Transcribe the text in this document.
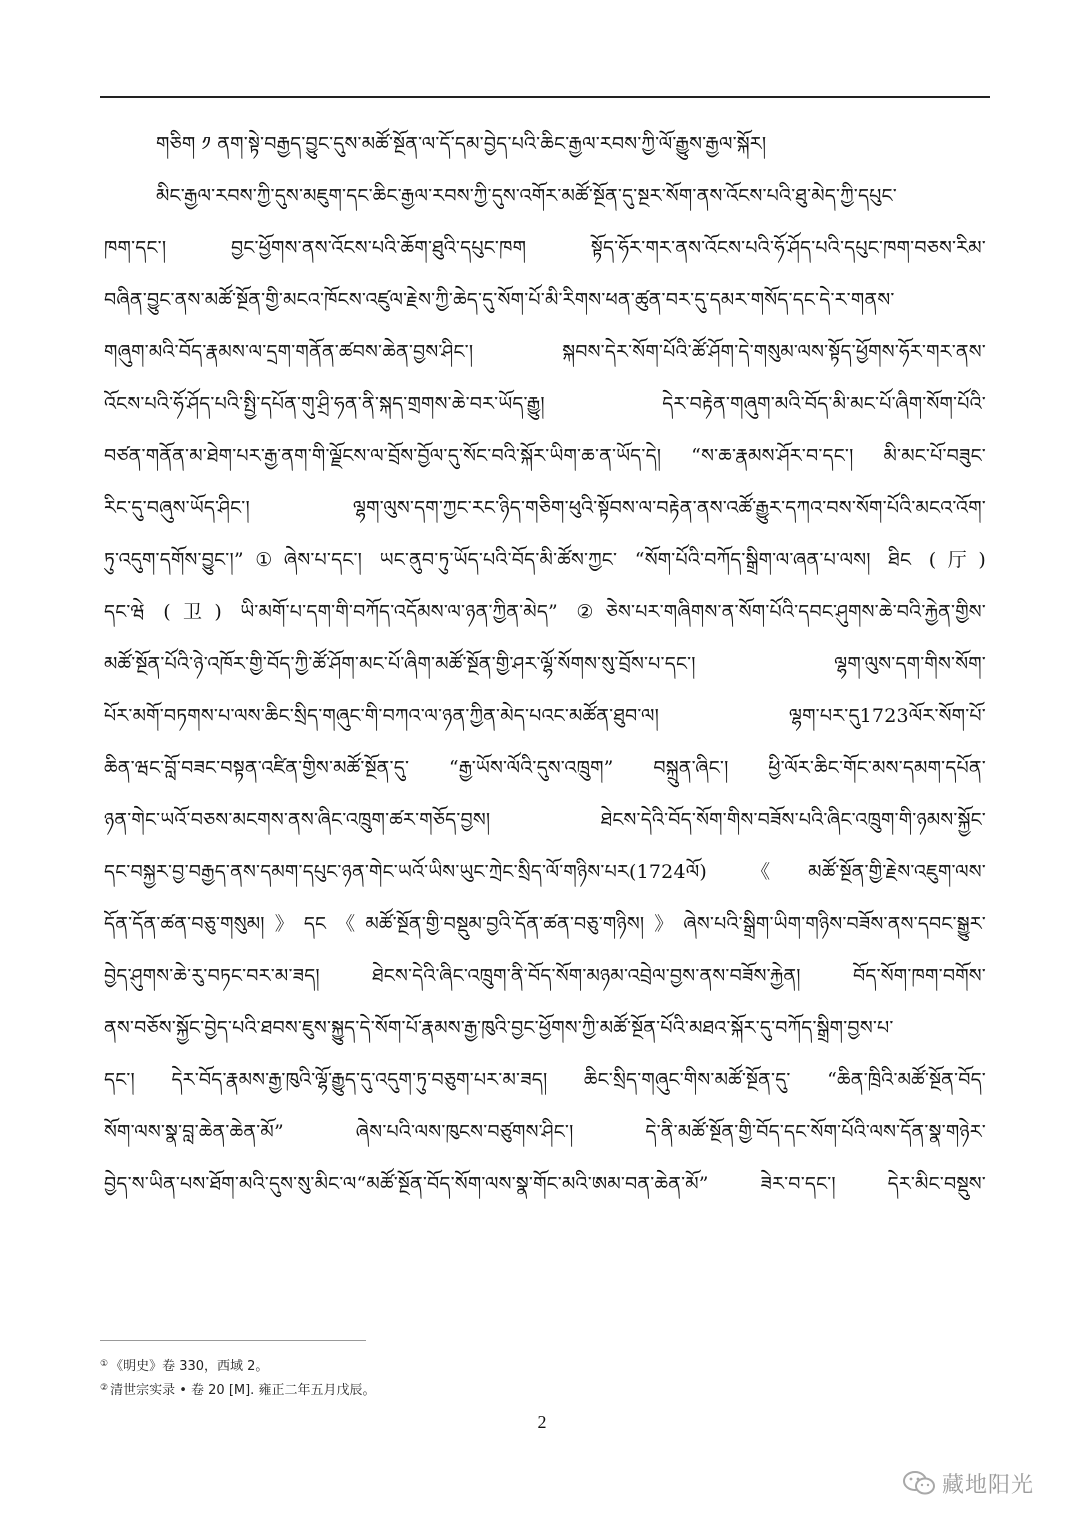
གཅིག ༡ ནག་སྟེ་བརྒྱད་བྱུང་དུས་མཚོ་སྔོན་ལ་དོ་དམ་བྱེད་པའི་ཆིང་རྒྱལ་རབས་ཀྱི་ལོ་རྒྱུས་རྒྱལ་སྐོར།
མིང་རྒྱལ་རབས་ཀྱི་དུས་མཇུག་དང་ཆིང་རྒྱལ་རབས་ཀྱི་དུས་འགོར་མཚོ་སྔོན་དུ་སྔར་སོག་ནས་འོངས་པའི་ཐུ་མེད་ཀྱི་དཔུང་
ཁག་དང་། བྱང་ཕྱོགས་ནས་འོངས་པའི་ཆོག་ཐུའི་དཔུང་ཁག སྟོད་ཧོར་གར་ནས་འོངས་པའི་ཧོ་ཤོད་པའི་དཔུང་ཁག་བཅས་རིམ་
བཞིན་བྱུང་ནས་མཚོ་སྔོན་གྱི་མངའ་ཁོངས་འཛུལ་རྗེས་ཀྱི་ཆེད་དུ་སོག་པོ་མི་རིགས་ཕན་ཚུན་བར་དུ་དམར་གསོད་དང་དེ་ར་གནས་
གཞུག་མའི་བོད་རྣམས་ལ་དྲག་གནོན་ཚབས་ཆེན་བྱས་ཤིང་། སྐབས་དེར་སོག་པོའི་ཚོ་ཤོག་དེ་གསུམ་ལས་སྟོད་ཕྱོགས་ཧོར་གར་ནས་
འོངས་པའི་ཧོ་ཤོད་པའི་སྤྱི་དཔོན་གུ་ཤྲི་ཧན་ནི་སྐད་གྲགས་ཆེ་བར་ཡོད་རྒྱུ། དེར་བརྟེན་གཞུག་མའི་བོད་མི་མང་པོ་ཞིག་སོག་པོའི་
བཙན་གནོན་མ་ཐེག་པར་རྒྱ་ནག་གི་ལྗོངས་ལ་བྲོས་བྱོལ་དུ་སོང་བའི་སྐོར་ཡིག་ཆ་ན་ཡོད་དེ། “ས་ཆ་རྣམས་ཤོར་བ་དང་། མི་མང་པོ་བཟུང་
རིང་དུ་བཞུས་ཡོད་ཤིང་། ལྷག་ལུས་དག་ཀྱང་རང་ཉིད་གཅིག་ཕུའི་སྟོབས་ལ་བརྟེན་ནས་འཚོ་རྒྱུར་དཀའ་བས་སོག་པོའི་མངའ་འོག་
ཏུ་འདུག་དགོས་བྱུང་།”①ཞེས་པ་དང་། ཡང་ནུབ་ཏུ་ཡོད་པའི་བོད་མི་ཚོས་ཀྱང་ “སོག་པོའི་བཀོད་སྒྲིག་ལ་ཞན་པ་ལས། ཐིང (厅)
དང་ཝེ (卫) ཡི་མགོ་པ་དག་གི་བཀོད་འདོམས་ལ་ཉན་ཀྱིན་མེད” ②ཅེས་པར་གཞིགས་ན་སོག་པོའི་དབང་ཤུགས་ཆེ་བའི་རྐྱེན་གྱིས་
མཚོ་སྔོན་པོའི་ཉེ་འཁོར་གྱི་བོད་ཀྱི་ཚོ་ཤོག་མང་པོ་ཞིག་མཚོ་སྔོན་གྱི་ཤར་ལྷོ་སོགས་སུ་བྲོས་པ་དང་། ལྷག་ལུས་དག་གིས་སོག་
པོར་མགོ་བཏགས་པ་ལས་ཆིང་སྲིད་གཞུང་གི་བཀའ་ལ་ཉན་ཀྱིན་མེད་པའང་མཚོན་ཐུབ་ལ། ལྷག་པར་དུ1723ལོར་སོག་པོ་
ཆིན་ཝང་བློ་བཟང་བསྟན་འཛིན་གྱིས་མཚོ་སྔོན་དུ་ “རྒྱ་ཡོས་ལོའི་དུས་འཁྲུག” བསྐྲུན་ཞིང་། ཕྱི་ལོར་ཆིང་གོང་མས་དམག་དཔོན་
ཉན་གེང་ཡའོ་བཅས་མངགས་ནས་ཞིང་འཁྲུག་ཚར་གཅོད་བྱས། ཐེངས་དེའི་བོད་སོག་གིས་བཟོས་པའི་ཞིང་འཁྲུག་གི་ཉམས་སྐྱོང་
དང་བསྐྱར་བྱ་བརྒྱད་ནས་དམག་དཔུང་ཉན་གེང་ཡའོ་ཡིས་ཡུང་ཀྲེང་སྲིད་ལོ་གཉིས་པར(1724ལོ) 《མཚོ་སྔོན་གྱི་རྗེས་འཇུག་ལས་
དོན་དོན་ཚན་བཅུ་གསུམ།》དང《མཚོ་སྔོན་གྱི་བསྡུམ་བྱའི་དོན་ཚན་བཅུ་གཉིས།》ཞེས་པའི་སྒྲིག་ཡིག་གཉིས་བཟོས་ནས་དབང་སྒྱུར་
བྱེད་ཤུགས་ཆེ་རུ་བཏང་བར་མ་ཟད། ཐེངས་དེའི་ཞིང་འཁྲུག་ནི་བོད་སོག་མཉམ་འབྲེལ་བྱས་ནས་བཟོས་རྐྱེན། བོད་སོག་ཁག་བགོས་
ནས་བཅོས་སྐྱོང་བྱེད་པའི་ཐབས་ཇུས་སྐྱུད་དེ་སོག་པོ་རྣམས་རྒྱ་ཁུའི་བྱང་ཕྱོགས་ཀྱི་མཚོ་སྔོན་པོའི་མཐའ་སྐོར་དུ་བཀོད་སྒྲིག་བྱས་པ་
དང་། དེར་བོད་རྣམས་རྒྱ་ཁུའི་ལྷོ་རྒྱུད་དུ་འདུག་ཏུ་བཅུག་པར་མ་ཟད། ཆིང་སྲིད་གཞུང་གིས་མཚོ་སྔོན་དུ་ “ཆིན་ཁྲིའི་མཚོ་སྔོན་བོད་
སོག་ལས་སྣ་བླ་ཆེན་ཆེན་མོ” ཞེས་པའི་ལས་ཁུངས་བཙུགས་ཤིང་། དེ་ནི་མཚོ་སྔོན་གྱི་བོད་དང་སོག་པོའི་ལས་དོན་སྣ་གཉེར་
བྱེད་ས་ཡིན་པས་ཐོག་མའི་དུས་སུ་མིང་ལ“མཚོ་སྔོན་བོད་སོག་ལས་སྣ་གོང་མའི་ཨམ་བན་ཆེན་མོ” ཟེར་བ་དང་། དེར་མིང་བསྡུས་
① 《明史》卷 330，西域 2。
② 清世宗实录 • 卷 20 [M]. 雍正二年五月戊辰。
2
藏地阳光
